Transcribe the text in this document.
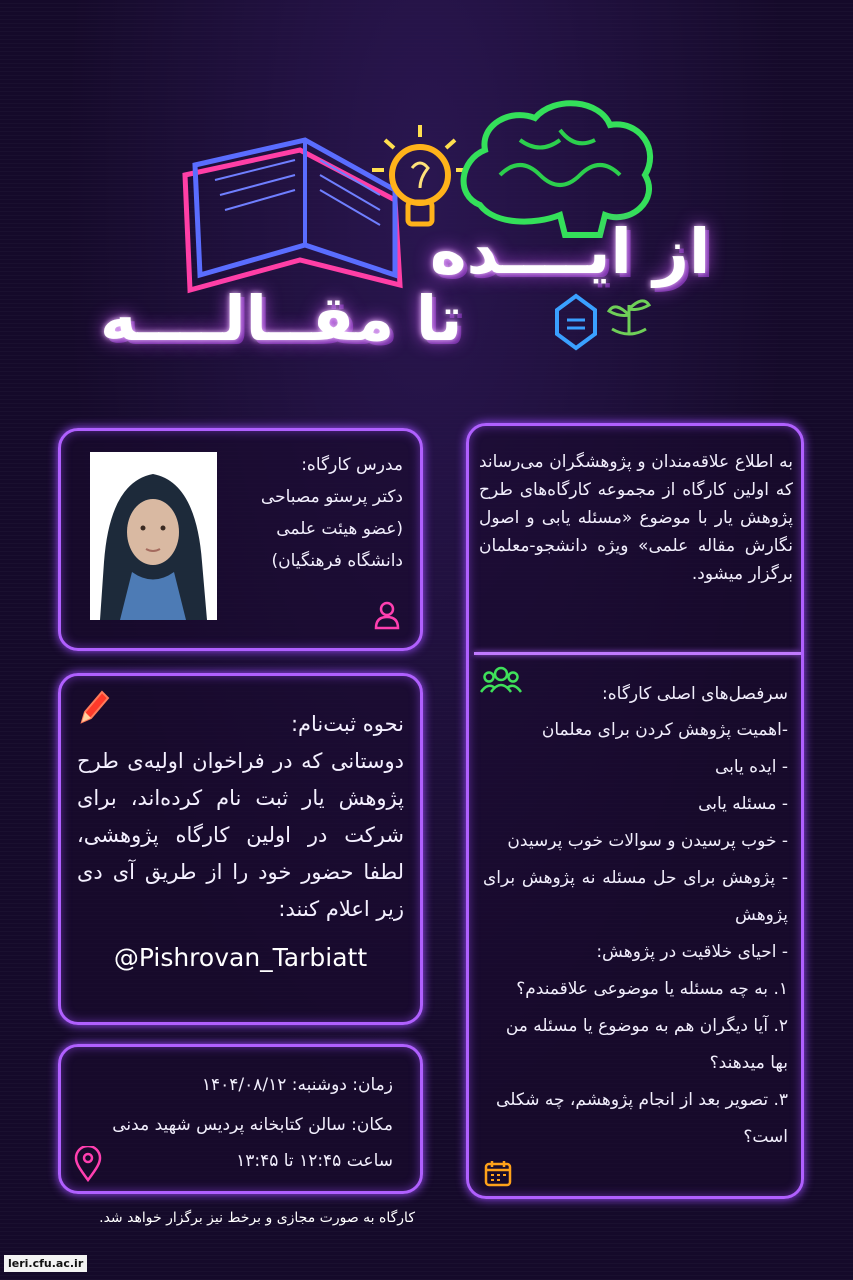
از ایــــده
تا مقــالــــه
به اطلاع علاقه‌مندان و پژوهشگران می‌رساند که اولین کارگاه از مجموعه کارگاه‌های طرح پژوهش یار با موضوع «مسئله یابی و اصول نگارش مقاله علمی» ویژه دانشجو-معلمان برگزار میشود.
سرفصل‌های اصلی کارگاه:
-اهمیت پژوهش کردن برای معلمان
- ایده یابی
- مسئله یابی
- خوب پرسیدن و سوالات خوب پرسیدن
- پژوهش برای حل مسئله نه پژوهش برای پژوهش
- احیای خلاقیت در پژوهش:
۱. به چه مسئله یا موضوعی علاقمندم؟
۲. آیا دیگران هم به موضوع یا مسئله من بها میدهند؟
۳. تصویر بعد از انجام پژوهشم، چه شکلی است؟
مدرس کارگاه:
دکتر پرستو مصباحی
(عضو هیئت علمی
دانشگاه فرهنگیان)
نحوه ثبت‌نام:
دوستانی که در فراخوان اولیه‌ی طرح پژوهش یار ثبت نام کرده‌اند، برای شرکت در اولین کارگاه پژوهشی، لطفا حضور خود را از طریق آی دی زیر اعلام کنند:
@Pishrovan_Tarbiatt
زمان: دوشنبه: ۱۴۰۴/۰۸/۱۲
مکان: سالن کتابخانه پردیس شهید مدنی
ساعت ۱۲:۴۵ تا ۱۳:۴۵
کارگاه به صورت مجازی و برخط نیز برگزار خواهد شد.
leri.cfu.ac.ir
